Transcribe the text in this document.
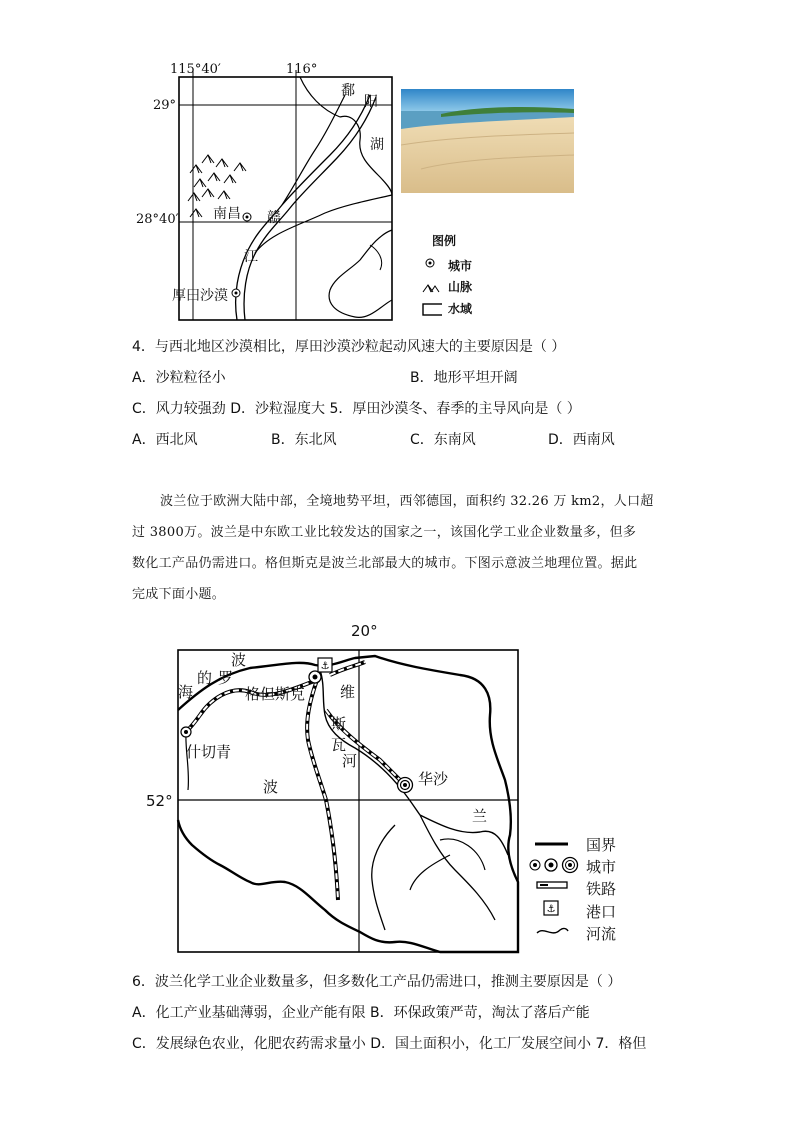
115°40′	116°
29°
28°40′
鄱
阳
湖
南昌 赣
江
厚田沙漠
图例
城市
山脉
水域
4．与西北地区沙漠相比，厚田沙漠沙粒起动风速大的主要原因是（ ）
A．沙粒粒径小	B．地形平坦开阔
C．风力较强劲 D．沙粒湿度大 5．厚田沙漠冬、春季的主导风向是（ ）
A．西北风	B．东北风	C．东南风	D．西南风
波兰位于欧洲大陆中部，全境地势平坦，西邻德国，面积约 32.26 万 km2，人口超
过 3800万。波兰是中东欧工业比较发达的国家之一，该国化学工业企业数量多，但多
数化工产品仍需进口。格但斯克是波兰北部最大的城市。下图示意波兰地理位置。据此
完成下面小题。
⚓
⚓
20°
52°
波
罗
的
海	格但斯克 维
斯
瓦
河
什切青
华沙
波
兰
国界
城市
铁路
港口
河流
6．波兰化学工业企业数量多，但多数化工产品仍需进口，推测主要原因是（ ）
A．化工产业基础薄弱，企业产能有限 B．环保政策严苛，淘汰了落后产能
C．发展绿色农业，化肥农药需求量小 D．国土面积小，化工厂发展空间小 7．格但
